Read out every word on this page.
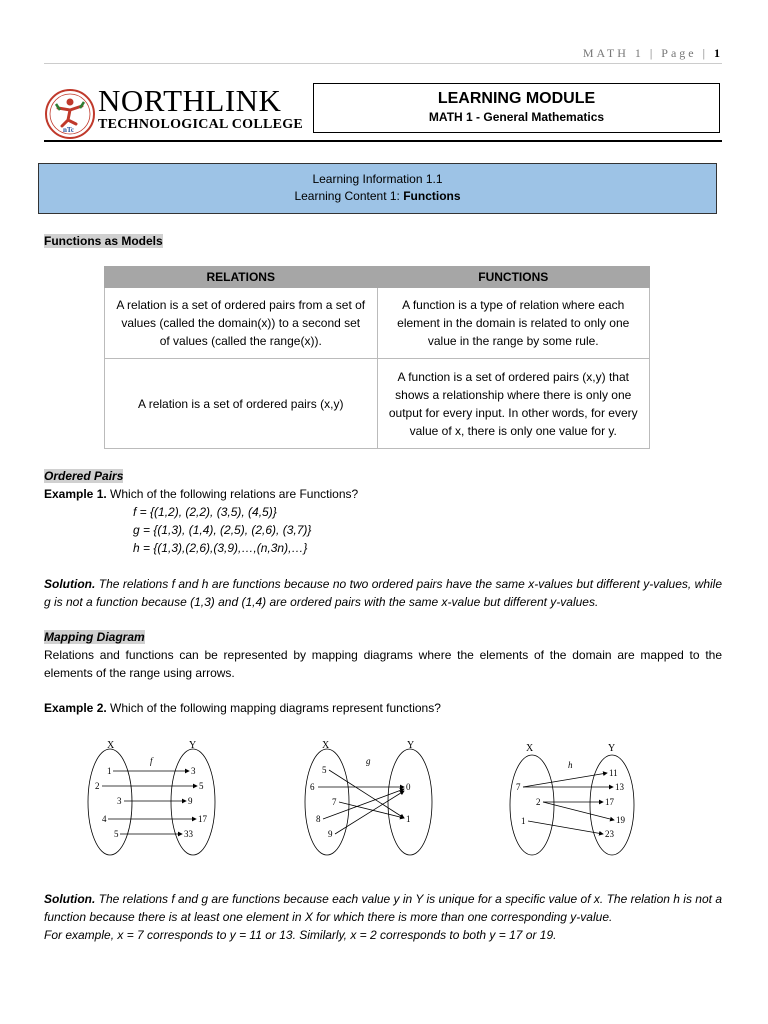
MATH 1 | Page | 1
nTc
NORTHLINK
TECHNOLOGICAL COLLEGE
LEARNING MODULE
MATH 1 - General Mathematics
Learning Information 1.1
Learning Content 1: Functions
Functions as Models
RELATIONS	FUNCTIONS
A relation is a set of ordered pairs from a set of values (called the domain(x)) to a second set of values (called the range(x)).	A function is a type of relation where each element in the domain is related to only one value in the range by some rule.
A relation is a set of ordered pairs (x,y)	A function is a set of ordered pairs (x,y) that shows a relationship where there is only one output for every input. In other words, for every value of x, there is only one value for y.
Ordered Pairs
Example 1. Which of the following relations are Functions?
f = {(1,2), (2,2), (3,5), (4,5)}
g = {(1,3), (1,4), (2,5), (2,6), (3,7)}
h = {(1,3),(2,6),(3,9),…,(n,3n),…}
Solution. The relations f and h are functions because no two ordered pairs have the same x-values but different y-values, while g is not a function because (1,3) and (1,4) are ordered pairs with the same x-value but different y-values.
Mapping Diagram
Relations and functions can be represented by mapping diagrams where the elements of the domain are mapped to the elements of the range using arrows.
Example 2. Which of the following mapping diagrams represent functions?
X	Y
f
1
2
3
4
5
3
5
9
17
33
X	Y
g
5
6
7
8
9
0
1
X	Y
h
7
2
1
11
13
17
19
23
Solution. The relations f and g are functions because each value y in Y is unique for a specific value of x. The relation h is not a function because there is at least one element in X for which there is more than one corresponding y-value.
For example, x = 7 corresponds to y = 11 or 13. Similarly, x = 2 corresponds to both y = 17 or 19.
